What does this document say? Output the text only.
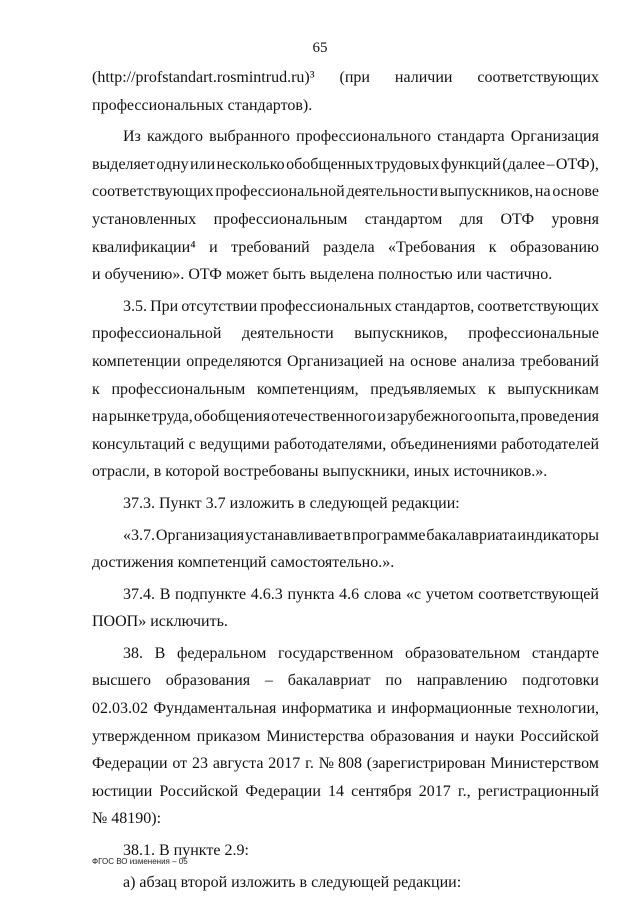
65
(http://profstandart.rosmintrud.ru)³ (при наличии соответствующих
профессиональных стандартов).
Из каждого выбранного профессионального стандарта Организация
выделяет одну или несколько обобщенных трудовых функций (далее – ОТФ),
соответствующих профессиональной деятельности выпускников, на основе
установленных профессиональным стандартом для ОТФ уровня
квалификации⁴ и требований раздела «Требования к образованию
и обучению». ОТФ может быть выделена полностью или частично.
3.5. При отсутствии профессиональных стандартов, соответствующих
профессиональной деятельности выпускников, профессиональные
компетенции определяются Организацией на основе анализа требований
к профессиональным компетенциям, предъявляемых к выпускникам
на рынке труда, обобщения отечественного и зарубежного опыта, проведения
консультаций с ведущими работодателями, объединениями работодателей
отрасли, в которой востребованы выпускники, иных источников.».
37.3. Пункт 3.7 изложить в следующей редакции:
«3.7. Организация устанавливает в программе бакалавриата индикаторы
достижения компетенций самостоятельно.».
37.4. В подпункте 4.6.3 пункта 4.6 слова «с учетом соответствующей
ПООП» исключить.
38. В федеральном государственном образовательном стандарте
высшего образования – бакалавриат по направлению подготовки
02.03.02 Фундаментальная информатика и информационные технологии,
утвержденном приказом Министерства образования и науки Российской
Федерации от 23 августа 2017 г. № 808 (зарегистрирован Министерством
юстиции Российской Федерации 14 сентября 2017 г., регистрационный
№ 48190):
38.1. В пункте 2.9:
а) абзац второй изложить в следующей редакции:
ФГОС ВО изменения – 05
